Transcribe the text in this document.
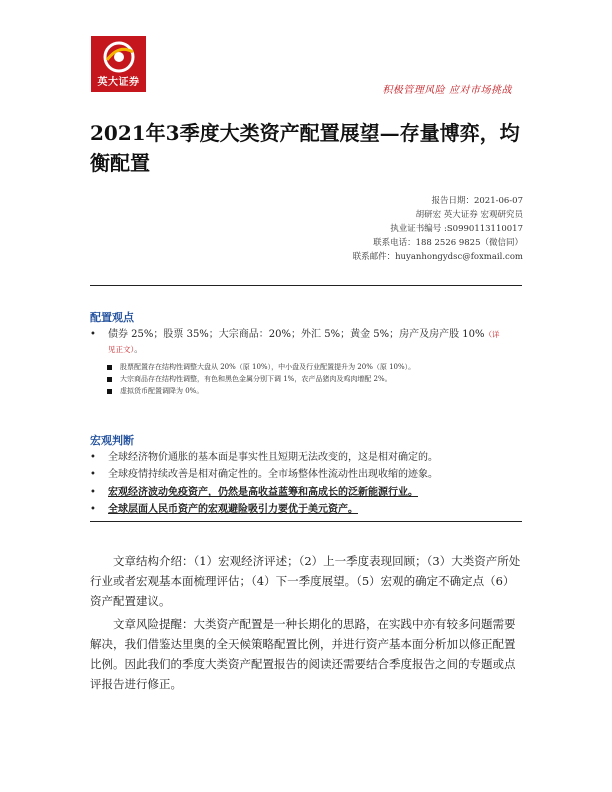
英大证券
积极管理风险 应对市场挑战
2021年3季度大类资产配置展望—存量博弈，均衡配置
报告日期：2021-06-07
胡研宏 英大证券 宏观研究员
执业证书编号 :S0990113110017
联系电话：188 2526 9825（微信同）
联系邮件：huyanhongydsc@foxmail.com
配置观点
• 债券 25%；股票 35%；大宗商品：20%；外汇 5%；黄金 5%；房产及房产股 10%（详
见正文）。
股票配置存在结构性调整大盘从 20%（原 10%），中小盘及行业配置提升为 20%（原 10%）。
大宗商品存在结构性调整，有色和黑色金属分别下调 1%，农产品猪肉及鸡肉增配 2%。
虚拟货币配置调降为 0%。
宏观判断
• 全球经济物价通胀的基本面是事实性且短期无法改变的，这是相对确定的。
• 全球疫情持续改善是相对确定性的。全市场整体性流动性出现收缩的迹象。
• 宏观经济波动免疫资产，仍然是高收益蓝筹和高成长的泛新能源行业。
• 全球层面人民币资产的宏观避险吸引力要优于美元资产。
文章结构介绍：（1）宏观经济评述；（2）上一季度表现回顾；（3）大类资产所处行业或者宏观基本面梳理评估；（4）下一季度展望。（5）宏观的确定不确定点（6）资产配置建议。
文章风险提醒：大类资产配置是一种长期化的思路，在实践中亦有较多问题需要解决，我们借鉴达里奥的全天候策略配置比例，并进行资产基本面分析加以修正配置比例。因此我们的季度大类资产配置报告的阅读还需要结合季度报告之间的专题或点评报告进行修正。
